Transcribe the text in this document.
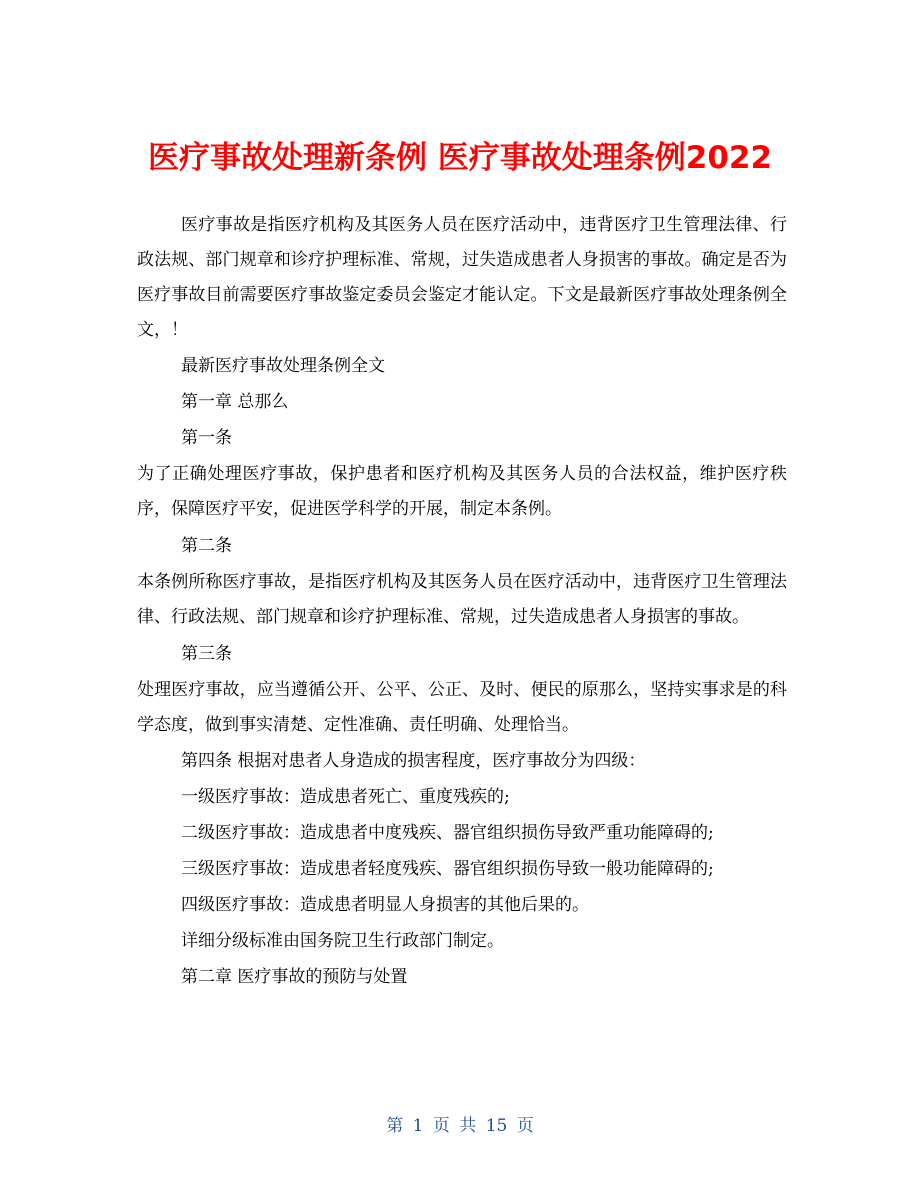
医疗事故处理新条例 医疗事故处理条例2022

医疗事故是指医疗机构及其医务人员在医疗活动中，违背医疗卫生管理法律、行政法规、部门规章和诊疗护理标准、常规，过失造成患者人身损害的事故。确定是否为医疗事故目前需要医疗事故鉴定委员会鉴定才能认定。下文是最新医疗事故处理条例全文，！

最新医疗事故处理条例全文

第一章 总那么

第一条

为了正确处理医疗事故，保护患者和医疗机构及其医务人员的合法权益，维护医疗秩序，保障医疗平安，促进医学科学的开展，制定本条例。

第二条

本条例所称医疗事故，是指医疗机构及其医务人员在医疗活动中，违背医疗卫生管理法律、行政法规、部门规章和诊疗护理标准、常规，过失造成患者人身损害的事故。

第三条

处理医疗事故，应当遵循公开、公平、公正、及时、便民的原那么，坚持实事求是的科学态度，做到事实清楚、定性准确、责任明确、处理恰当。

第四条 根据对患者人身造成的损害程度，医疗事故分为四级：

一级医疗事故：造成患者死亡、重度残疾的;

二级医疗事故：造成患者中度残疾、器官组织损伤导致严重功能障碍的;

三级医疗事故：造成患者轻度残疾、器官组织损伤导致一般功能障碍的;

四级医疗事故：造成患者明显人身损害的其他后果的。

详细分级标准由国务院卫生行政部门制定。

第二章 医疗事故的预防与处置

第 1 页 共 15 页
